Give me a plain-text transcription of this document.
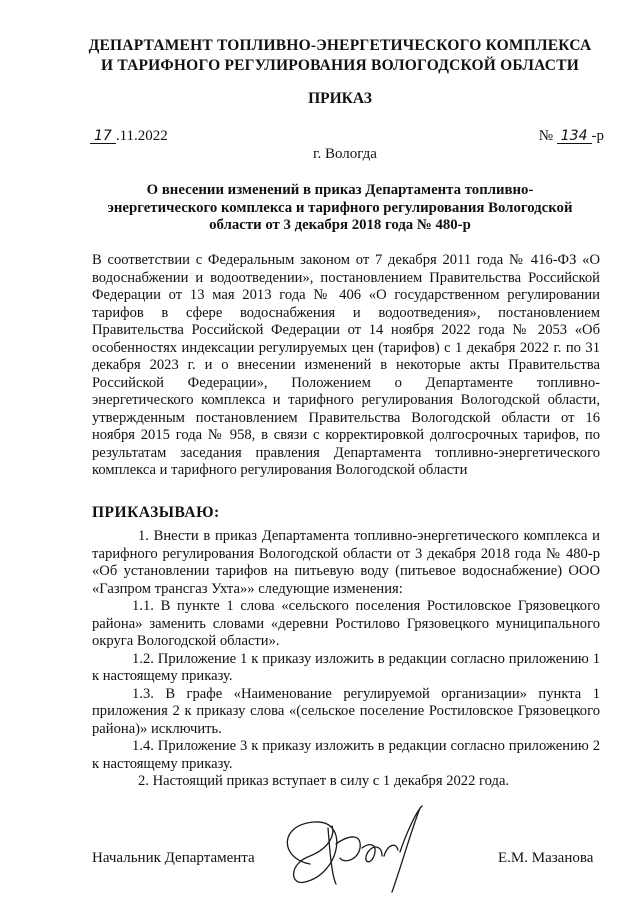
ДЕПАРТАМЕНТ ТОПЛИВНО-ЭНЕРГЕТИЧЕСКОГО КОМПЛЕКСА
И ТАРИФНОГО РЕГУЛИРОВАНИЯ ВОЛОГОДСКОЙ ОБЛАСТИ
ПРИКАЗ
17 .11.2022	№ 134 -р
г. Вологда
О внесении изменений в приказ Департамента топливно-энергетического комплекса и тарифного регулирования Вологодской области от 3 декабря 2018 года № 480-р

В соответствии с Федеральным законом от 7 декабря 2011 года № 416-ФЗ «О водоснабжении и водоотведении», постановлением Правительства Российской Федерации от 13 мая 2013 года № 406 «О государственном регулировании тарифов в сфере водоснабжения и водоотведения», постановлением Правительства Российской Федерации от 14 ноября 2022 года № 2053 «Об особенностях индексации регулируемых цен (тарифов) с 1 декабря 2022 г. по 31 декабря 2023 г. и о внесении изменений в некоторые акты Правительства Российской Федерации», Положением о Департаменте топливно-энергетического комплекса и тарифного регулирования Вологодской области, утвержденным постановлением Правительства Вологодской области от 16 ноября 2015 года № 958, в связи с корректировкой долгосрочных тарифов, по результатам заседания правления Департамента топливно-энергетического комплекса и тарифного регулирования Вологодской области

ПРИКАЗЫВАЮ:

1. Внести в приказ Департамента топливно-энергетического комплекса и тарифного регулирования Вологодской области от 3 декабря 2018 года № 480-р «Об установлении тарифов на питьевую воду (питьевое водоснабжение) ООО «Газпром трансгаз Ухта»» следующие изменения:

1.1. В пункте 1 слова «сельского поселения Ростиловское Грязовецкого района» заменить словами «деревни Ростилово Грязовецкого муниципального округа Вологодской области».

1.2. Приложение 1 к приказу изложить в редакции согласно приложению 1 к настоящему приказу.

1.3. В графе «Наименование регулируемой организации» пункта 1 приложения 2 к приказу слова «(сельское поселение Ростиловское Грязовецкого района)» исключить.

1.4. Приложение 3 к приказу изложить в редакции согласно приложению 2 к настоящему приказу.

2. Настоящий приказ вступает в силу с 1 декабря 2022 года.

Начальник Департамента	Е.М. Мазанова
